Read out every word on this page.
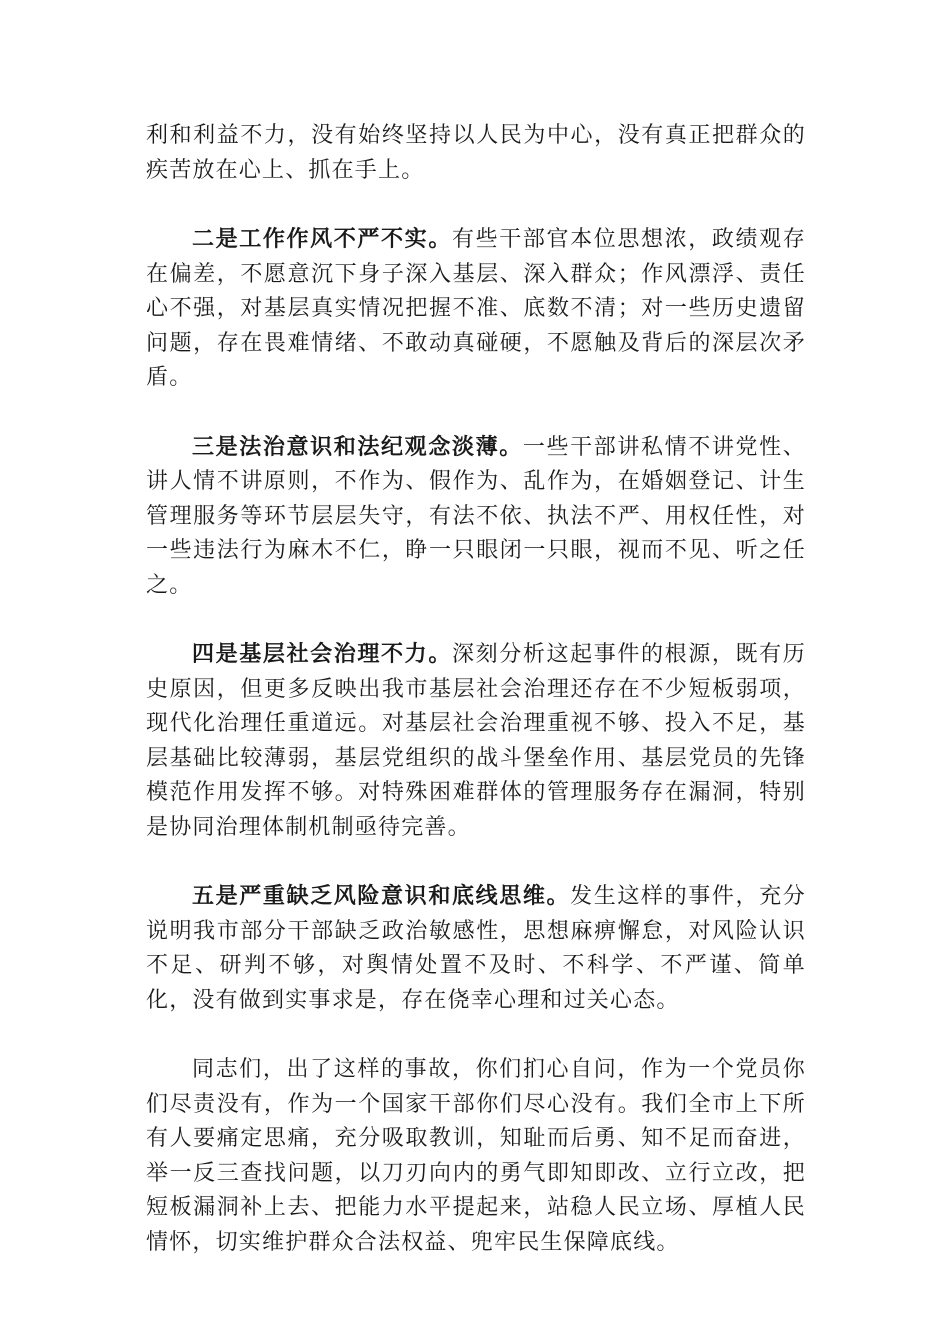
利和利益不力，没有始终坚持以人民为中心，没有真正把群众的疾苦放在心上、抓在手上。

二是工作作风不严不实。有些干部官本位思想浓，政绩观存在偏差，不愿意沉下身子深入基层、深入群众；作风漂浮、责任心不强，对基层真实情况把握不准、底数不清；对一些历史遗留问题，存在畏难情绪、不敢动真碰硬，不愿触及背后的深层次矛盾。

三是法治意识和法纪观念淡薄。一些干部讲私情不讲党性、讲人情不讲原则，不作为、假作为、乱作为，在婚姻登记、计生管理服务等环节层层失守，有法不依、执法不严、用权任性，对一些违法行为麻木不仁，睁一只眼闭一只眼，视而不见、听之任之。

四是基层社会治理不力。深刻分析这起事件的根源，既有历史原因，但更多反映出我市基层社会治理还存在不少短板弱项，现代化治理任重道远。对基层社会治理重视不够、投入不足，基层基础比较薄弱，基层党组织的战斗堡垒作用、基层党员的先锋模范作用发挥不够。对特殊困难群体的管理服务存在漏洞，特别是协同治理体制机制亟待完善。

五是严重缺乏风险意识和底线思维。发生这样的事件，充分说明我市部分干部缺乏政治敏感性，思想麻痹懈怠，对风险认识不足、研判不够，对舆情处置不及时、不科学、不严谨、简单化，没有做到实事求是，存在侥幸心理和过关心态。

同志们，出了这样的事故，你们扪心自问，作为一个党员你们尽责没有，作为一个国家干部你们尽心没有。我们全市上下所有人要痛定思痛，充分吸取教训，知耻而后勇、知不足而奋进，举一反三查找问题，以刀刃向内的勇气即知即改、立行立改，把短板漏洞补上去、把能力水平提起来，站稳人民立场、厚植人民情怀，切实维护群众合法权益、兜牢民生保障底线。
